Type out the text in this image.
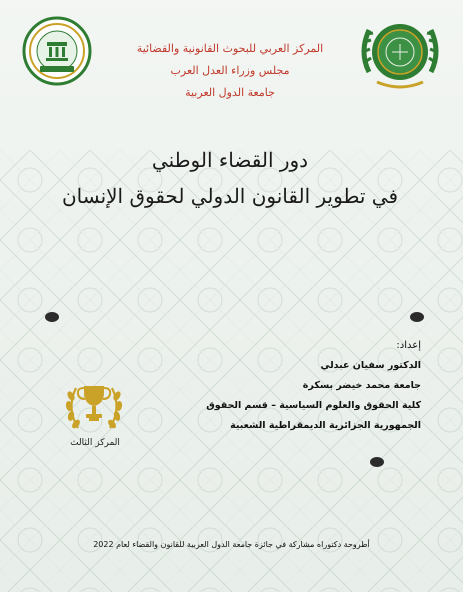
المركز العربي للبحوث القانونية والقضائية
مجلس وزراء العدل العرب
جامعة الدول العربية
دور القضاء الوطني
في تطوير القانون الدولي لحقوق الإنسان
إعداد:
الدكتور سفيان عبدلي
جامعة محمد خيضر بسكرة
كلية الحقوق والعلوم السياسية – قسم الحقوق
الجمهورية الجزائرية الديمقراطية الشعبية
المركز الثالث
أطروحة دكتوراه مشاركة في جائزة جامعة الدول العربية للقانون والقضاء لعام 2022
